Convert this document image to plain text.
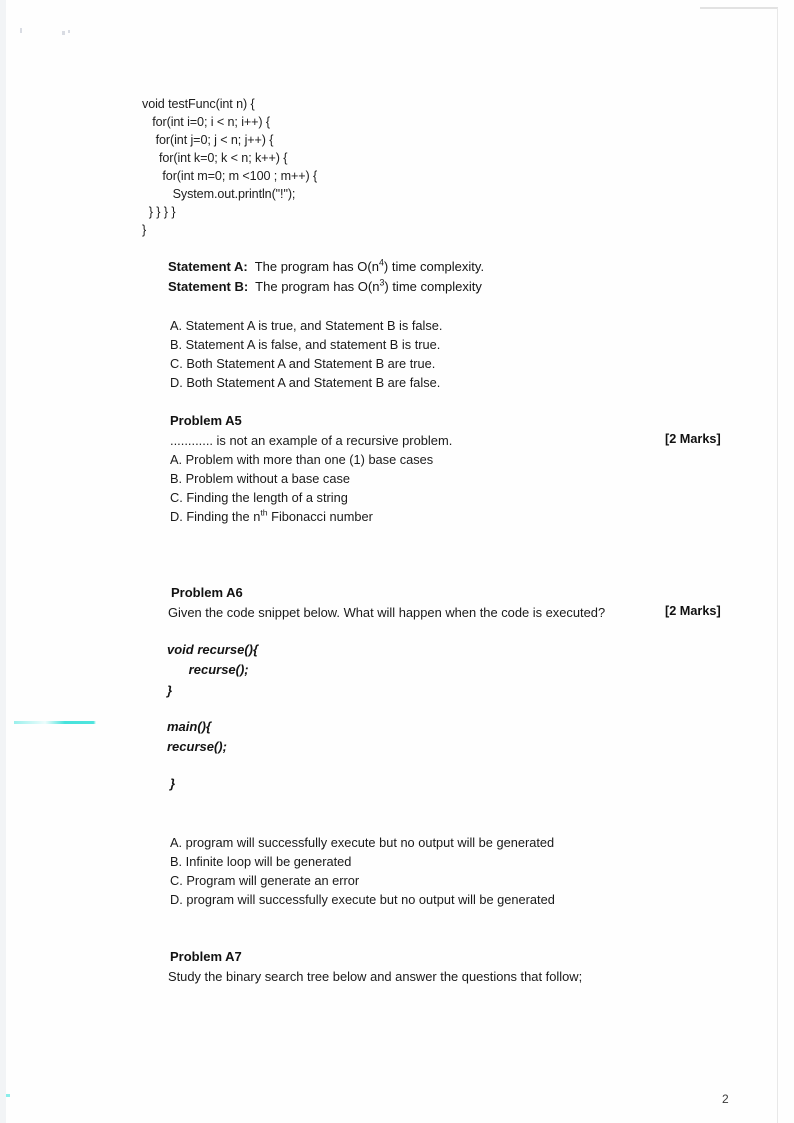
void testFunc(int n) {
for(int i=0; i < n; i++) {
for(int j=0; j < n; j++) {
for(int k=0; k < n; k++) {
for(int m=0; m <100 ; m++) {
System.out.println("!");
} } } }
}
Statement A:  The program has $O(n^4)$ time complexity.
Statement B:  The program has $O(n^3)$ time complexity
A. Statement A is true, and Statement B is false.
B. Statement A is false, and statement B is true.
C. Both Statement A and Statement B are true.
D. Both Statement A and Statement B are false.
Problem A5
............ is not an example of a recursive problem.	[2 Marks]
A. Problem with more than one (1) base cases
B. Problem without a base case
C. Finding the length of a string
D. Finding the $n^{th}$ Fibonacci number
Problem A6
Given the code snippet below. What will happen when the code is executed?	[2 Marks]
void recurse(){
recurse();
}
main(){
recurse();
}
A. program will successfully execute but no output will be generated
B. Infinite loop will be generated
C. Program will generate an error
D. program will successfully execute but no output will be generated
Problem A7
Study the binary search tree below and answer the questions that follow;
2
